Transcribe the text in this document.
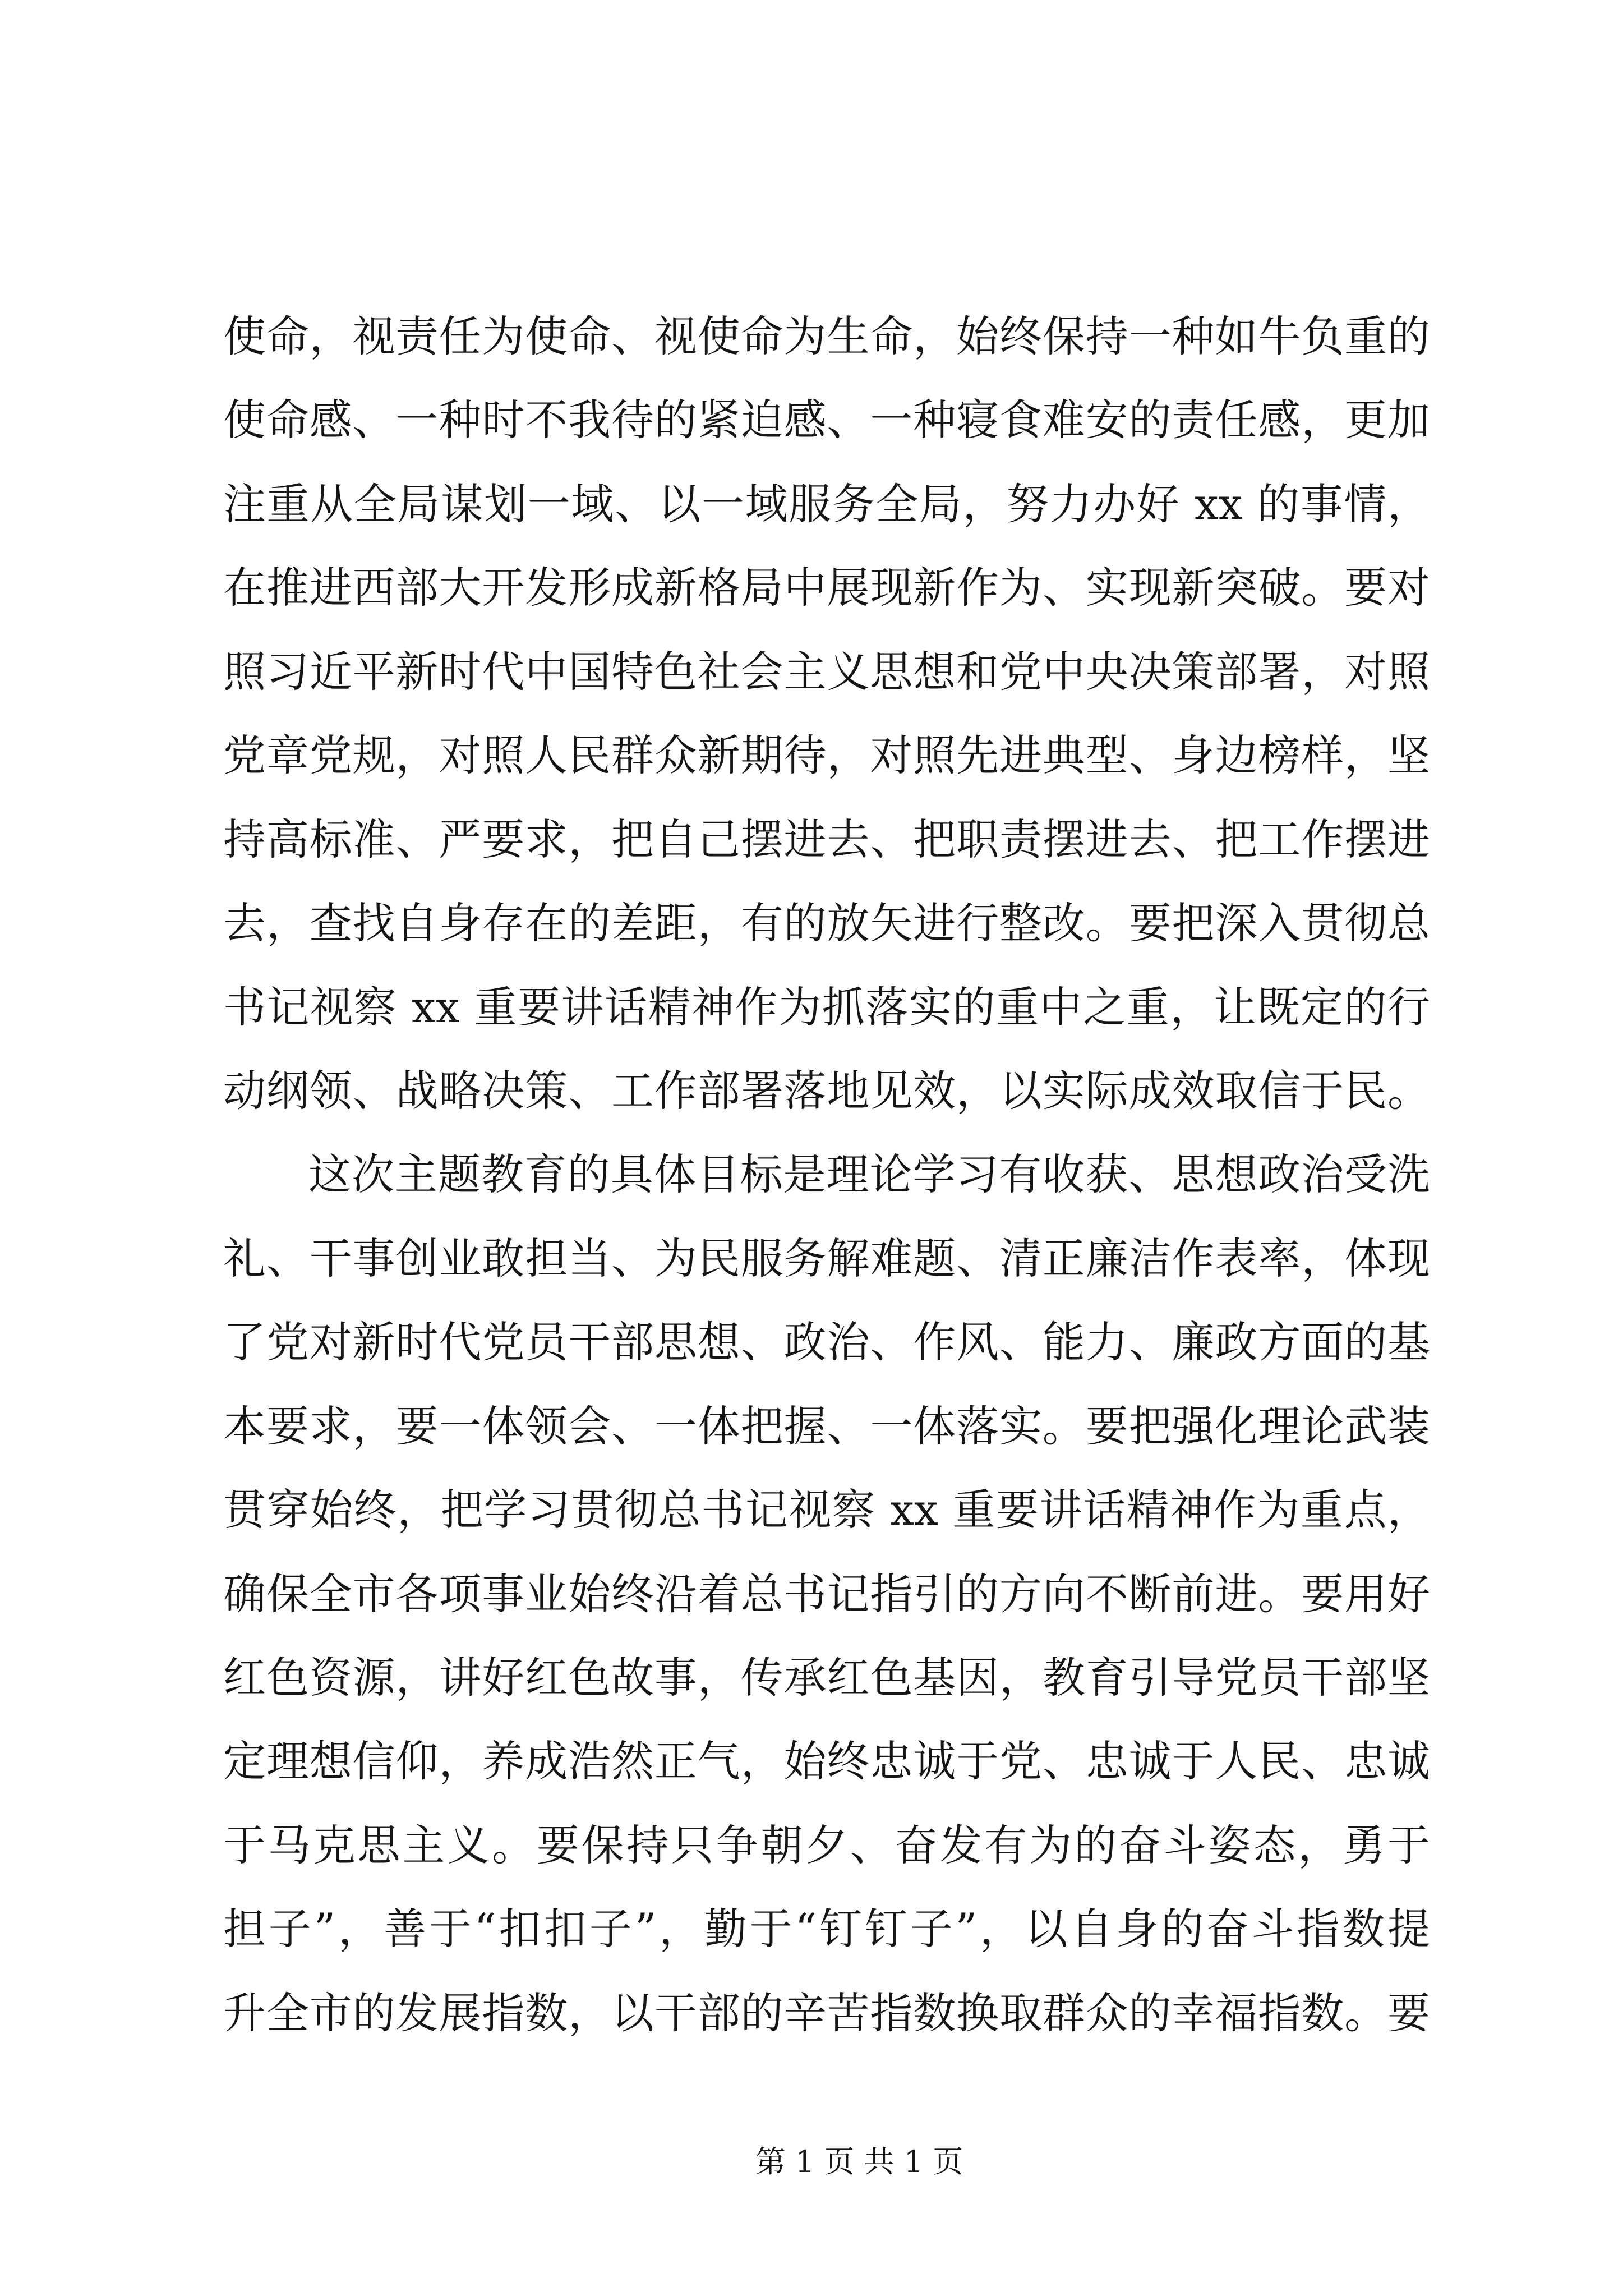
使命，视责任为使命、视使命为生命，始终保持一种如牛负重的
使命感、一种时不我待的紧迫感、一种寝食难安的责任感，更加
注重从全局谋划一域、以一域服务全局，努力办好 xx 的事情，
在推进西部大开发形成新格局中展现新作为、实现新突破。要对
照习近平新时代中国特色社会主义思想和党中央决策部署，对照
党章党规，对照人民群众新期待，对照先进典型、身边榜样，坚
持高标准、严要求，把自己摆进去、把职责摆进去、把工作摆进
去，查找自身存在的差距，有的放矢进行整改。要把深入贯彻总
书记视察 xx 重要讲话精神作为抓落实的重中之重，让既定的行
动纲领、战略决策、工作部署落地见效，以实际成效取信于民。
这次主题教育的具体目标是理论学习有收获、思想政治受洗
礼、干事创业敢担当、为民服务解难题、清正廉洁作表率，体现
了党对新时代党员干部思想、政治、作风、能力、廉政方面的基
本要求，要一体领会、一体把握、一体落实。要把强化理论武装
贯穿始终，把学习贯彻总书记视察 xx 重要讲话精神作为重点，
确保全市各项事业始终沿着总书记指引的方向不断前进。要用好
红色资源，讲好红色故事，传承红色基因，教育引导党员干部坚
定理想信仰，养成浩然正气，始终忠诚于党、忠诚于人民、忠诚
于马克思主义。要保持只争朝夕、奋发有为的奋斗姿态，勇于
担子”，善于“扣扣子”，勤于“钉钉子”，以自身的奋斗指数提
升全市的发展指数，以干部的辛苦指数换取群众的幸福指数。要
第 1 页 共 1 页
